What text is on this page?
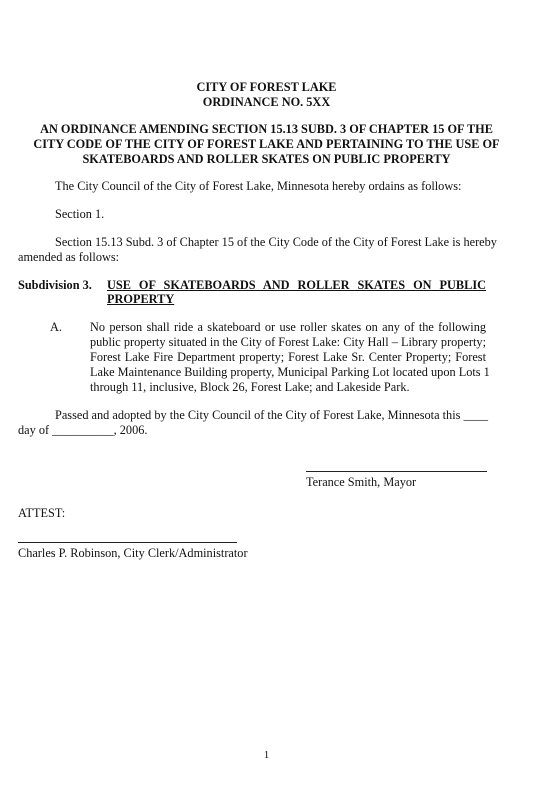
CITY OF FOREST LAKE
ORDINANCE NO. 5XX
AN ORDINANCE AMENDING SECTION 15.13 SUBD. 3 OF CHAPTER 15 OF THE
CITY CODE OF THE CITY OF FOREST LAKE AND PERTAINING TO THE USE OF
SKATEBOARDS AND ROLLER SKATES ON PUBLIC PROPERTY
The City Council of the City of Forest Lake, Minnesota hereby ordains as follows:
Section 1.
Section 15.13 Subd. 3 of Chapter 15 of the City Code of the City of Forest Lake is hereby
amended as follows:
Subdivision 3. USE OF SKATEBOARDS AND ROLLER SKATES ON PUBLIC
PROPERTY
A. No person shall ride a skateboard or use roller skates on any of the following
public property situated in the City of Forest Lake: City Hall – Library property;
Forest Lake Fire Department property; Forest Lake Sr. Center Property; Forest
Lake Maintenance Building property, Municipal Parking Lot located upon Lots 1
through 11, inclusive, Block 26, Forest Lake; and Lakeside Park.
Passed and adopted by the City Council of the City of Forest Lake, Minnesota this ____
day of __________, 2006.
Terance Smith, Mayor
ATTEST:
Charles P. Robinson, City Clerk/Administrator
1
